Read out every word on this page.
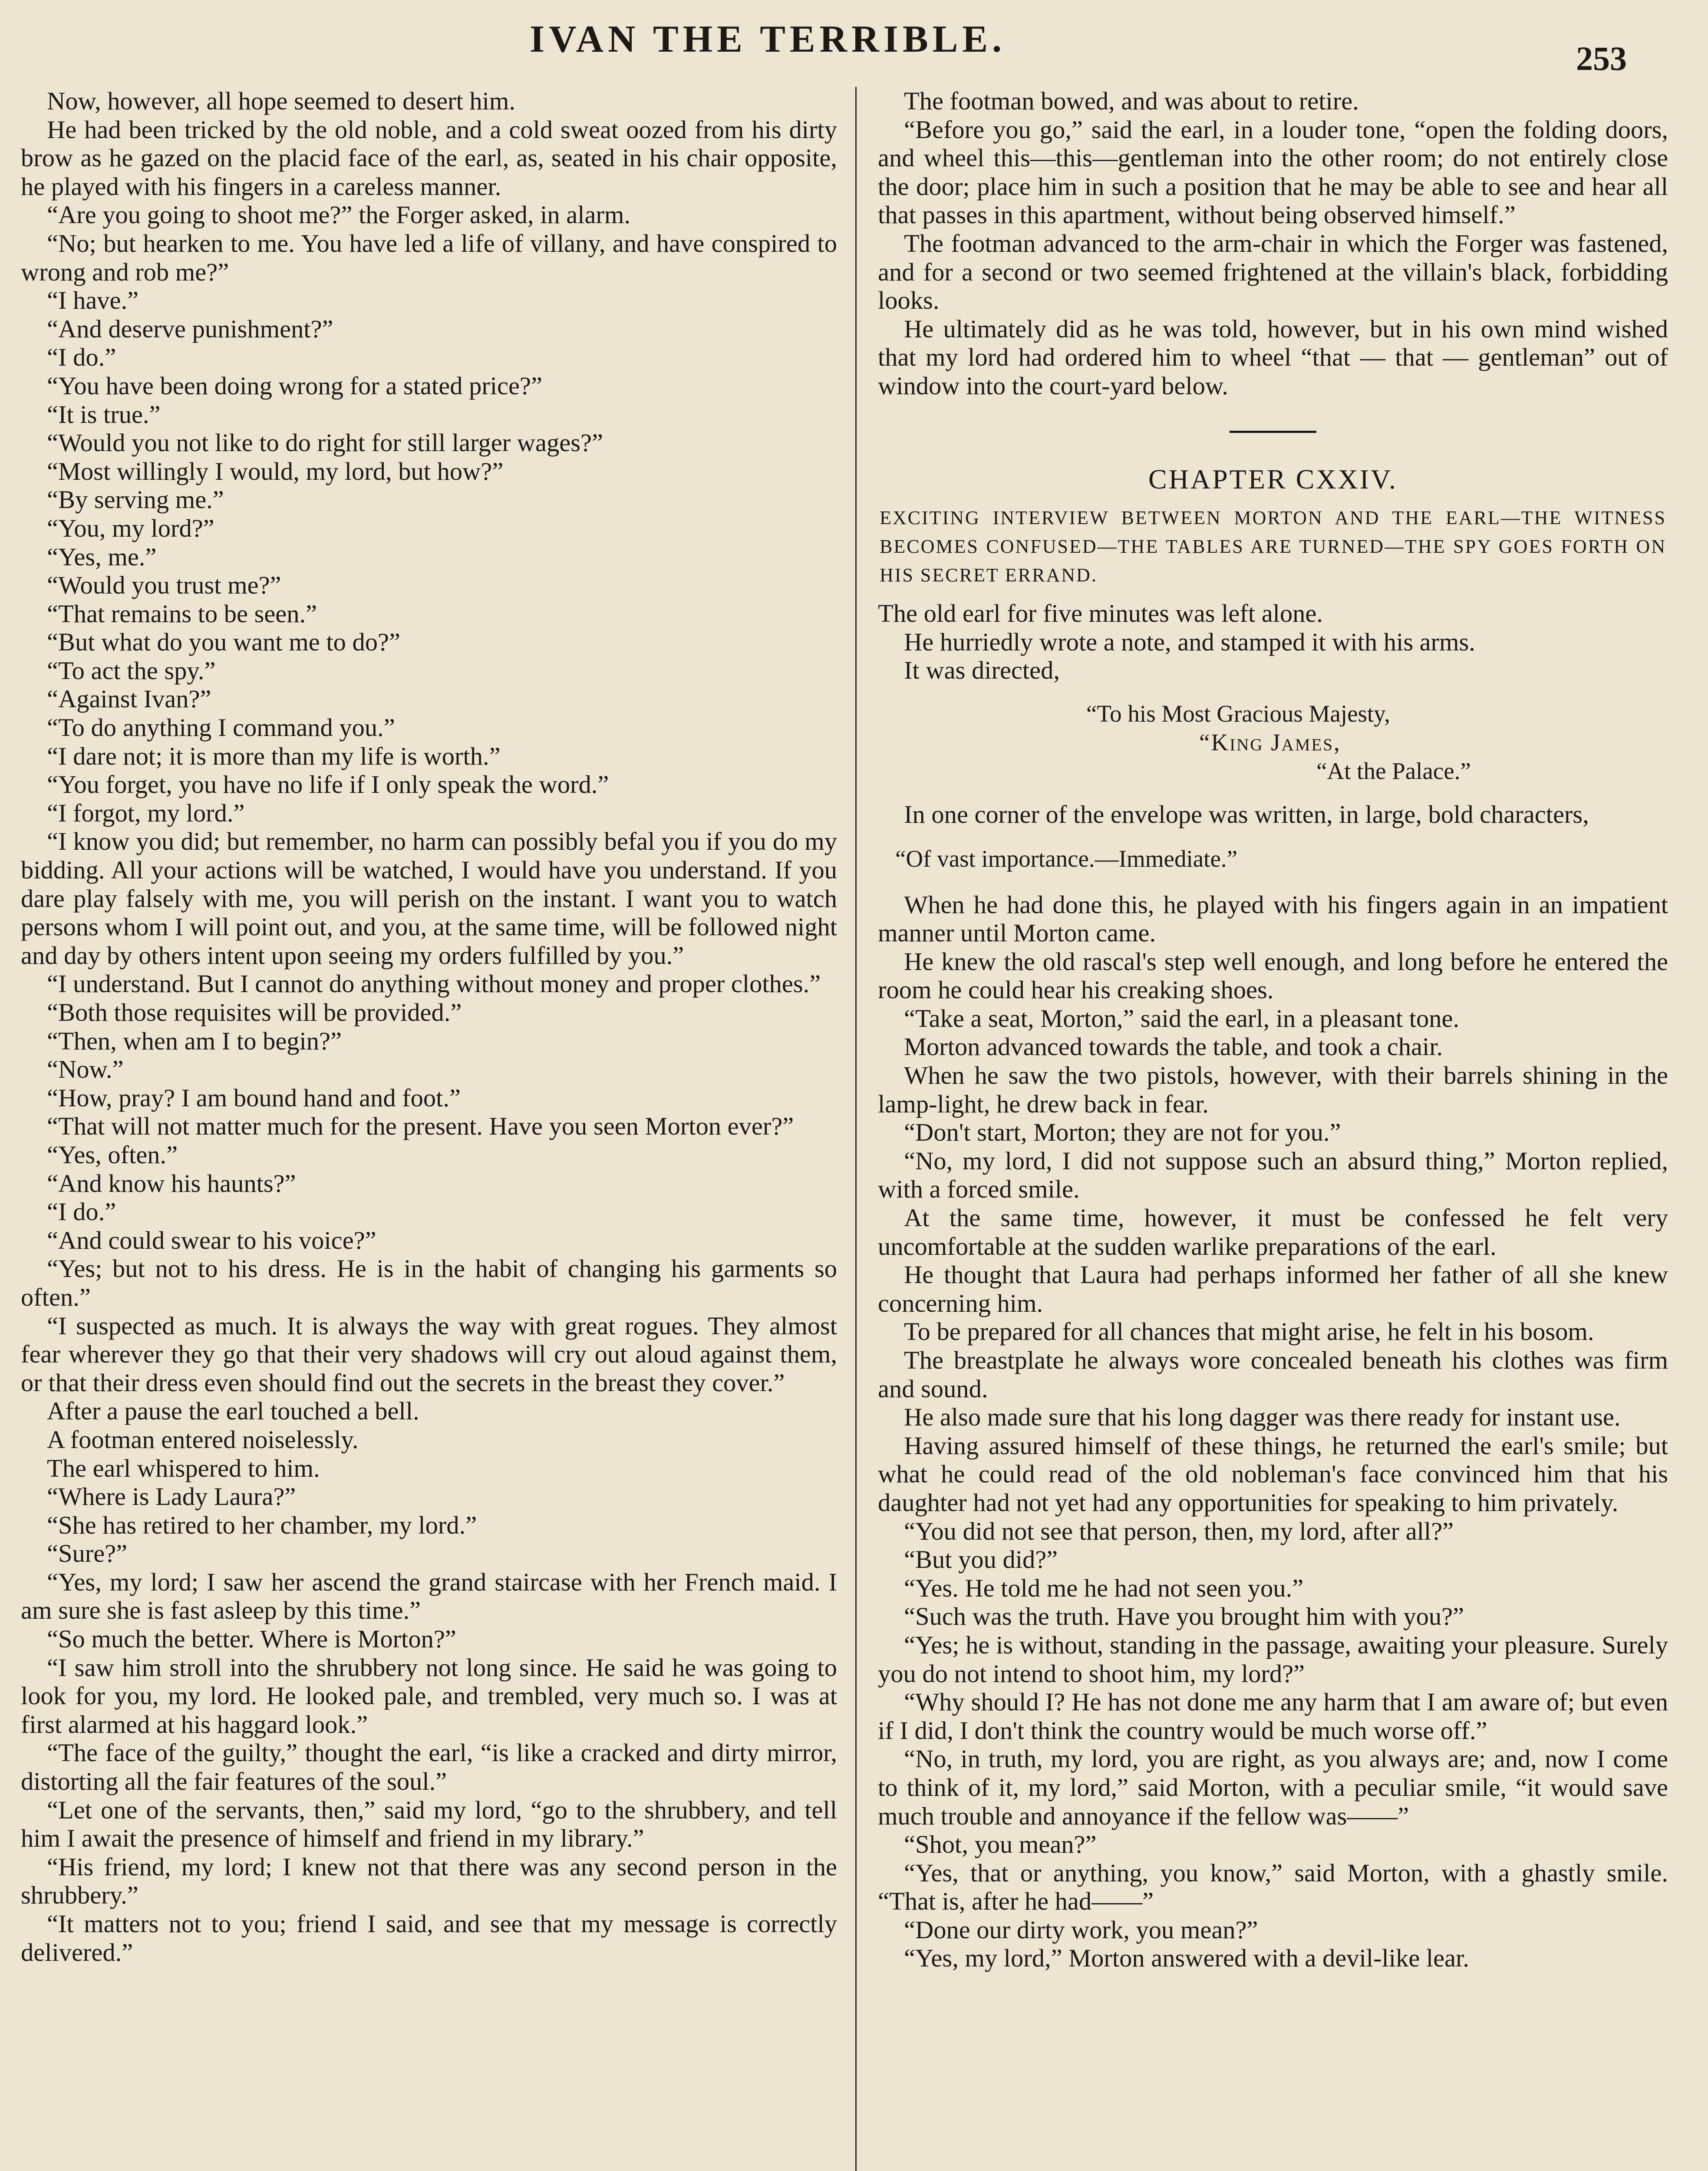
IVAN THE TERRIBLE.	253

Now, however, all hope seemed to desert him.

He had been tricked by the old noble, and a cold sweat oozed from his dirty brow as he gazed on the placid face of the earl, as, seated in his chair opposite, he played with his fingers in a careless manner.

“Are you going to shoot me?” the Forger asked, in alarm.

“No; but hearken to me. You have led a life of villany, and have conspired to wrong and rob me?”

“I have.”

“And deserve punishment?”

“I do.”

“You have been doing wrong for a stated price?”

“It is true.”

“Would you not like to do right for still larger wages?”

“Most willingly I would, my lord, but how?”

“By serving me.”

“You, my lord?”

“Yes, me.”

“Would you trust me?”

“That remains to be seen.”

“But what do you want me to do?”

“To act the spy.”

“Against Ivan?”

“To do anything I command you.”

“I dare not; it is more than my life is worth.”

“You forget, you have no life if I only speak the word.”

“I forgot, my lord.”

“I know you did; but remember, no harm can possibly befal you if you do my bidding. All your actions will be watched, I would have you understand. If you dare play falsely with me, you will perish on the instant. I want you to watch persons whom I will point out, and you, at the same time, will be followed night and day by others intent upon seeing my orders fulfilled by you.”

“I understand. But I cannot do anything without money and proper clothes.”

“Both those requisites will be provided.”

“Then, when am I to begin?”

“Now.”

“How, pray? I am bound hand and foot.”

“That will not matter much for the present. Have you seen Morton ever?”

“Yes, often.”

“And know his haunts?”

“I do.”

“And could swear to his voice?”

“Yes; but not to his dress. He is in the habit of changing his garments so often.”

“I suspected as much. It is always the way with great rogues. They almost fear wherever they go that their very shadows will cry out aloud against them, or that their dress even should find out the secrets in the breast they cover.”

After a pause the earl touched a bell.

A footman entered noiselessly.

The earl whispered to him.

“Where is Lady Laura?”

“She has retired to her chamber, my lord.”

“Sure?”

“Yes, my lord; I saw her ascend the grand staircase with her French maid. I am sure she is fast asleep by this time.”

“So much the better. Where is Morton?”

“I saw him stroll into the shrubbery not long since. He said he was going to look for you, my lord. He looked pale, and trembled, very much so. I was at first alarmed at his haggard look.”

“The face of the guilty,” thought the earl, “is like a cracked and dirty mirror, distorting all the fair features of the soul.”

“Let one of the servants, then,” said my lord, “go to the shrubbery, and tell him I await the presence of himself and friend in my library.”

“His friend, my lord; I knew not that there was any second person in the shrubbery.”

“It matters not to you; friend I said, and see that my message is correctly delivered.”

The footman bowed, and was about to retire.

“Before you go,” said the earl, in a louder tone, “open the folding doors, and wheel this—this—gentleman into the other room; do not entirely close the door; place him in such a position that he may be able to see and hear all that passes in this apartment, without being observed himself.”

The footman advanced to the arm-chair in which the Forger was fastened, and for a second or two seemed frightened at the villain's black, forbidding looks.

He ultimately did as he was told, however, but in his own mind wished that my lord had ordered him to wheel “that — that — gentleman” out of window into the court-yard below.

CHAPTER CXXIV.

EXCITING INTERVIEW BETWEEN MORTON AND THE EARL—THE WITNESS BECOMES CONFUSED—THE TABLES ARE TURNED—THE SPY GOES FORTH ON HIS SECRET ERRAND.

The old earl for five minutes was left alone.

He hurriedly wrote a note, and stamped it with his arms.

It was directed,

“To his Most Gracious Majesty,
“King James,
“At the Palace.”

In one corner of the envelope was written, in large, bold characters,

“Of vast importance.—Immediate.”

When he had done this, he played with his fingers again in an impatient manner until Morton came.

He knew the old rascal's step well enough, and long before he entered the room he could hear his creaking shoes.

“Take a seat, Morton,” said the earl, in a pleasant tone.

Morton advanced towards the table, and took a chair.

When he saw the two pistols, however, with their barrels shining in the lamp-light, he drew back in fear.

“Don't start, Morton; they are not for you.”

“No, my lord, I did not suppose such an absurd thing,” Morton replied, with a forced smile.

At the same time, however, it must be confessed he felt very uncomfortable at the sudden warlike preparations of the earl.

He thought that Laura had perhaps informed her father of all she knew concerning him.

To be prepared for all chances that might arise, he felt in his bosom.

The breastplate he always wore concealed beneath his clothes was firm and sound.

He also made sure that his long dagger was there ready for instant use.

Having assured himself of these things, he returned the earl's smile; but what he could read of the old nobleman's face convinced him that his daughter had not yet had any opportunities for speaking to him privately.

“You did not see that person, then, my lord, after all?”

“But you did?”

“Yes. He told me he had not seen you.”

“Such was the truth. Have you brought him with you?”

“Yes; he is without, standing in the passage, awaiting your pleasure. Surely you do not intend to shoot him, my lord?”

“Why should I? He has not done me any harm that I am aware of; but even if I did, I don't think the country would be much worse off.”

“No, in truth, my lord, you are right, as you always are; and, now I come to think of it, my lord,” said Morton, with a peculiar smile, “it would save much trouble and annoyance if the fellow was——”

“Shot, you mean?”

“Yes, that or anything, you know,” said Morton, with a ghastly smile. “That is, after he had——”

“Done our dirty work, you mean?”

“Yes, my lord,” Morton answered with a devil-like lear.
